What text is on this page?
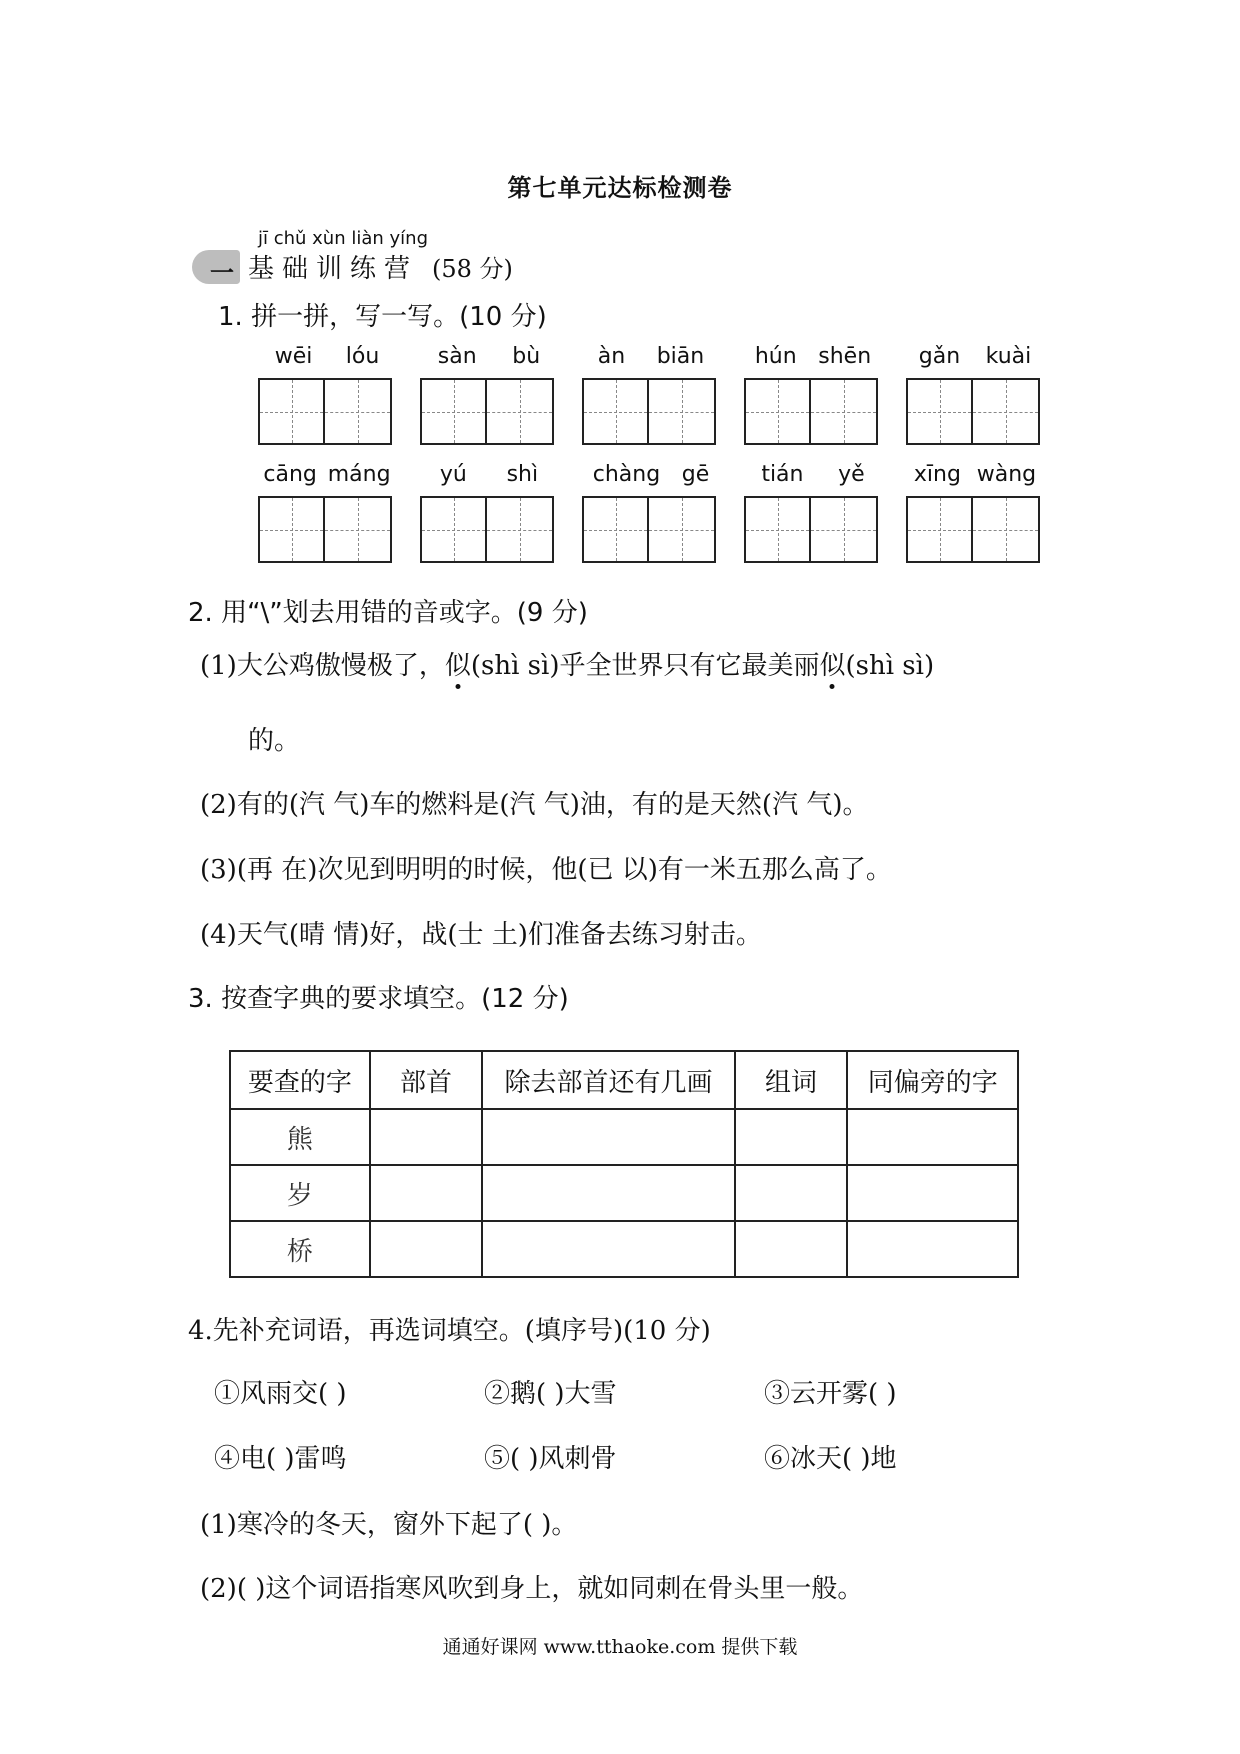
第七单元达标检测卷
jī chǔ xùn liàn yíng
一 基础训练营 (58 分)
1. 拼一拼，写一写。(10 分)
wēi lóu	sàn bù	àn biān hún shēn gǎn kuài
cāng máng yú shì chàng gē tián yě xīng wàng
2. 用“\”划去用错的音或字。(9 分)
(1)大公鸡傲慢极了，似(shì sì)乎全世界只有它最美丽似(shì sì)
的。
(2)有的(汽 气)车的燃料是(汽 气)油，有的是天然(汽 气)。
(3)(再 在)次见到明明的时候，他(已 以)有一米五那么高了。
(4)天气(晴 情)好，战(士 土)们准备去练习射击。
3. 按查字典的要求填空。(12 分)
要查的字	部首	除去部首还有几画	组词	同偏旁的字
熊				
岁				
桥				
4.先补充词语，再选词填空。(填序号)(10 分)
①风雨交( )	②鹅( )大雪	③云开雾( )
④电( )雷鸣	⑤( )风刺骨	⑥冰天( )地
(1)寒冷的冬天，窗外下起了( )。
(2)( )这个词语指寒风吹到身上，就如同刺在骨头里一般。
通通好课网 www.tthaoke.com 提供下载
